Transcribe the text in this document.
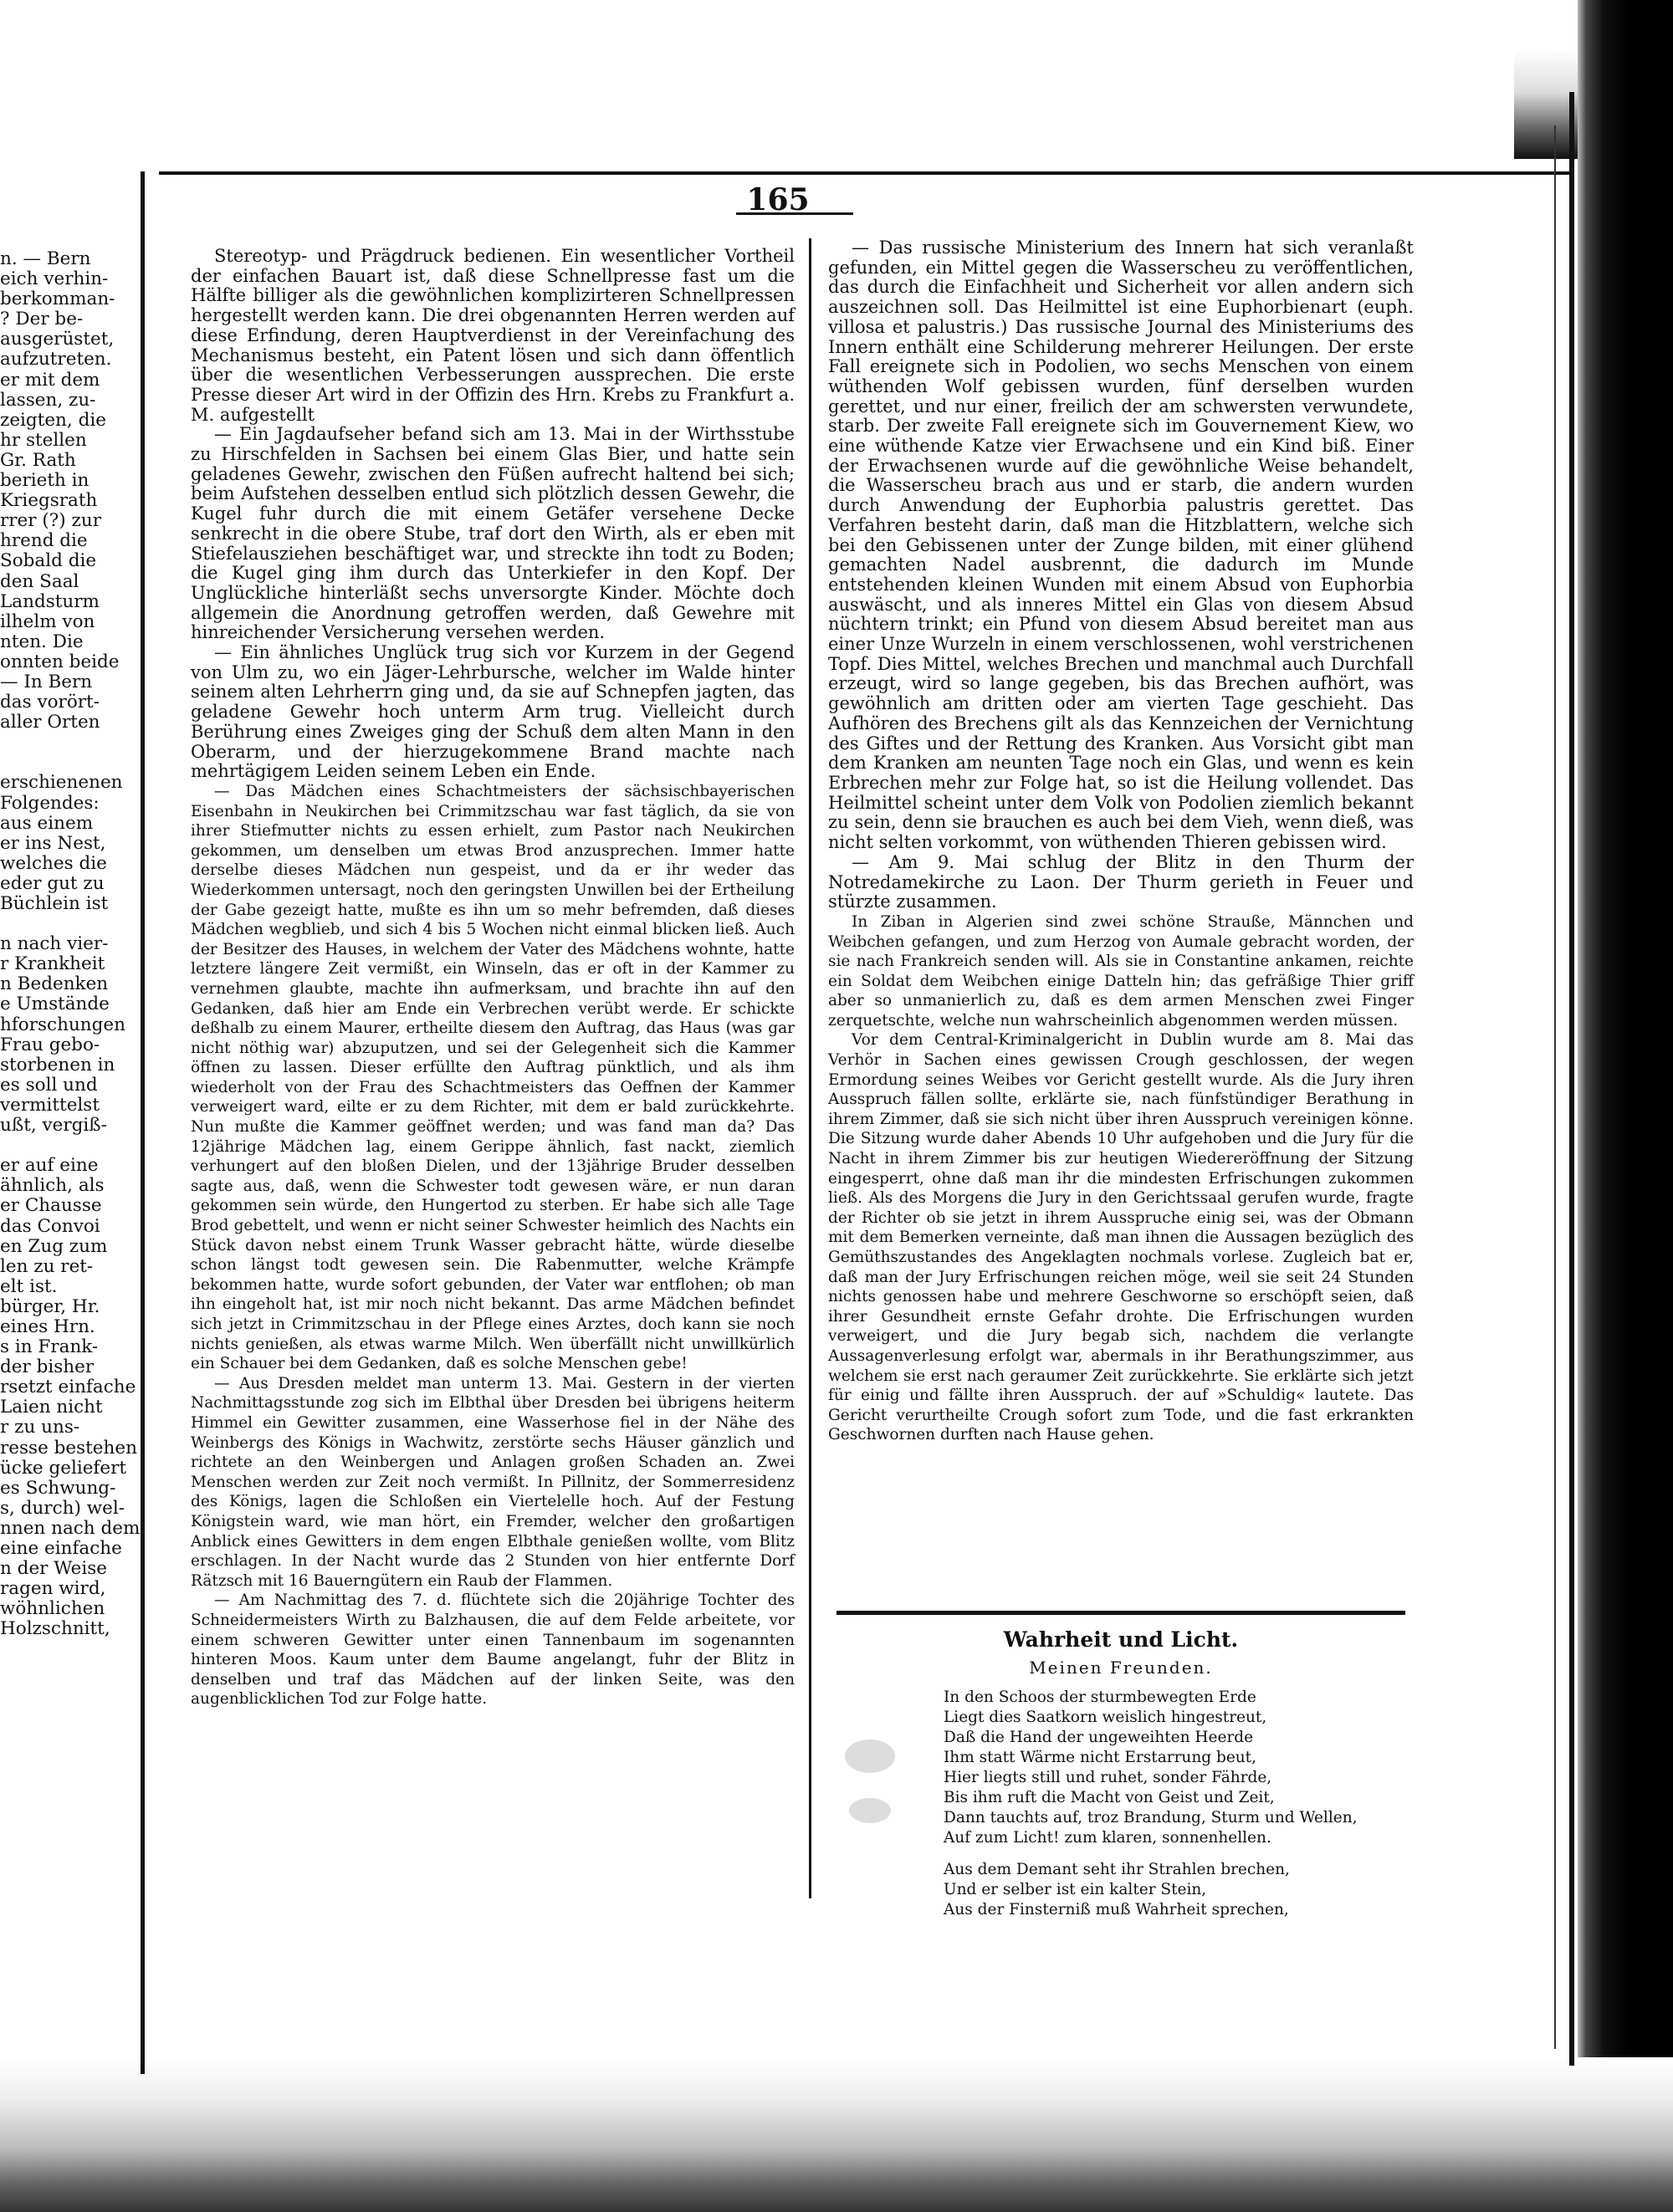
165
n. — Bern
eich verhin-
berkomman-
? Der be-
ausgerüstet,
aufzutreten.
er mit dem
lassen, zu-
zeigten, die
hr stellen
Gr. Rath
berieth in
Kriegsrath
rrer (?) zur
hrend die
Sobald die
den Saal
Landsturm
ilhelm von
nten. Die
onnten beide
— In Bern
das vorört-
aller Orten

erschienenen
Folgendes:
aus einem
er ins Nest,
welches die
eder gut zu
Büchlein ist

n nach vier-
r Krankheit
n Bedenken
e Umstände
hforschungen
Frau gebo-
storbenen in
es soll und
vermittelst
ußt, vergiß-

er auf eine
ähnlich, als
er Chausse
das Convoi
en Zug zum
len zu ret-
elt ist.
bürger, Hr.
eines Hrn.
s in Frank-
der bisher
rsetzt einfache
Laien nicht
r zu uns-
resse bestehen
ücke geliefert
es Schwung-
s, durch) wel-
nnen nach dem
eine einfache
n der Weise
ragen wird,
wöhnlichen
Holzschnitt,

Stereotyp- und Prägdruck bedienen. Ein wesentlicher Vortheil der einfachen Bauart ist, daß diese Schnellpresse fast um die Hälfte billiger als die gewöhnlichen komplizirteren Schnellpressen hergestellt werden kann. Die drei obgenannten Herren werden auf diese Erfindung, deren Hauptverdienst in der Vereinfachung des Mechanismus besteht, ein Patent lösen und sich dann öffentlich über die wesentlichen Verbesserungen aussprechen. Die erste Presse dieser Art wird in der Offizin des Hrn. Krebs zu Frankfurt a. M. aufgestellt

— Ein Jagdaufseher befand sich am 13. Mai in der Wirthsstube zu Hirschfelden in Sachsen bei einem Glas Bier, und hatte sein geladenes Gewehr, zwischen den Füßen aufrecht haltend bei sich; beim Aufstehen desselben entlud sich plötzlich dessen Gewehr, die Kugel fuhr durch die mit einem Getäfer versehene Decke senkrecht in die obere Stube, traf dort den Wirth, als er eben mit Stiefelausziehen beschäftiget war, und streckte ihn todt zu Boden; die Kugel ging ihm durch das Unterkiefer in den Kopf. Der Unglückliche hinterläßt sechs unversorgte Kinder. Möchte doch allgemein die Anordnung getroffen werden, daß Gewehre mit hinreichender Versicherung versehen werden.

— Ein ähnliches Unglück trug sich vor Kurzem in der Gegend von Ulm zu, wo ein Jäger-Lehrbursche, welcher im Walde hinter seinem alten Lehrherrn ging und, da sie auf Schnepfen jagten, das geladene Gewehr hoch unterm Arm trug. Vielleicht durch Berührung eines Zweiges ging der Schuß dem alten Mann in den Oberarm, und der hierzugekommene Brand machte nach mehrtägigem Leiden seinem Leben ein Ende.

— Das Mädchen eines Schachtmeisters der sächsischbayerischen Eisenbahn in Neukirchen bei Crimmitzschau war fast täglich, da sie von ihrer Stiefmutter nichts zu essen erhielt, zum Pastor nach Neukirchen gekommen, um denselben um etwas Brod anzusprechen. Immer hatte derselbe dieses Mädchen nun gespeist, und da er ihr weder das Wiederkommen untersagt, noch den geringsten Unwillen bei der Ertheilung der Gabe gezeigt hatte, mußte es ihn um so mehr befremden, daß dieses Mädchen wegblieb, und sich 4 bis 5 Wochen nicht einmal blicken ließ. Auch der Besitzer des Hauses, in welchem der Vater des Mädchens wohnte, hatte letztere längere Zeit vermißt, ein Winseln, das er oft in der Kammer zu vernehmen glaubte, machte ihn aufmerksam, und brachte ihn auf den Gedanken, daß hier am Ende ein Verbrechen verübt werde. Er schickte deßhalb zu einem Maurer, ertheilte diesem den Auftrag, das Haus (was gar nicht nöthig war) abzuputzen, und sei der Gelegenheit sich die Kammer öffnen zu lassen. Dieser erfüllte den Auftrag pünktlich, und als ihm wiederholt von der Frau des Schachtmeisters das Oeffnen der Kammer verweigert ward, eilte er zu dem Richter, mit dem er bald zurückkehrte. Nun mußte die Kammer geöffnet werden; und was fand man da? Das 12jährige Mädchen lag, einem Gerippe ähnlich, fast nackt, ziemlich verhungert auf den bloßen Dielen, und der 13jährige Bruder desselben sagte aus, daß, wenn die Schwester todt gewesen wäre, er nun daran gekommen sein würde, den Hungertod zu sterben. Er habe sich alle Tage Brod gebettelt, und wenn er nicht seiner Schwester heimlich des Nachts ein Stück davon nebst einem Trunk Wasser gebracht hätte, würde dieselbe schon längst todt gewesen sein. Die Rabenmutter, welche Krämpfe bekommen hatte, wurde sofort gebunden, der Vater war entflohen; ob man ihn eingeholt hat, ist mir noch nicht bekannt. Das arme Mädchen befindet sich jetzt in Crimmitzschau in der Pflege eines Arztes, doch kann sie noch nichts genießen, als etwas warme Milch. Wen überfällt nicht unwillkürlich ein Schauer bei dem Gedanken, daß es solche Menschen gebe!

— Aus Dresden meldet man unterm 13. Mai. Gestern in der vierten Nachmittagsstunde zog sich im Elbthal über Dresden bei übrigens heiterm Himmel ein Gewitter zusammen, eine Wasserhose fiel in der Nähe des Weinbergs des Königs in Wachwitz, zerstörte sechs Häuser gänzlich und richtete an den Weinbergen und Anlagen großen Schaden an. Zwei Menschen werden zur Zeit noch vermißt. In Pillnitz, der Sommerresidenz des Königs, lagen die Schloßen ein Viertelelle hoch. Auf der Festung Königstein ward, wie man hört, ein Fremder, welcher den großartigen Anblick eines Gewitters in dem engen Elbthale genießen wollte, vom Blitz erschlagen. In der Nacht wurde das 2 Stunden von hier entfernte Dorf Rätzsch mit 16 Bauerngütern ein Raub der Flammen.

— Am Nachmittag des 7. d. flüchtete sich die 20jährige Tochter des Schneidermeisters Wirth zu Balzhausen, die auf dem Felde arbeitete, vor einem schweren Gewitter unter einen Tannenbaum im sogenannten hinteren Moos. Kaum unter dem Baume angelangt, fuhr der Blitz in denselben und traf das Mädchen auf der linken Seite, was den augenblicklichen Tod zur Folge hatte.

— Das russische Ministerium des Innern hat sich veranlaßt gefunden, ein Mittel gegen die Wasserscheu zu veröffentlichen, das durch die Einfachheit und Sicherheit vor allen andern sich auszeichnen soll. Das Heilmittel ist eine Euphorbienart (euph. villosa et palustris.) Das russische Journal des Ministeriums des Innern enthält eine Schilderung mehrerer Heilungen. Der erste Fall ereignete sich in Podolien, wo sechs Menschen von einem wüthenden Wolf gebissen wurden, fünf derselben wurden gerettet, und nur einer, freilich der am schwersten verwundete, starb. Der zweite Fall ereignete sich im Gouvernement Kiew, wo eine wüthende Katze vier Erwachsene und ein Kind biß. Einer der Erwachsenen wurde auf die gewöhnliche Weise behandelt, die Wasserscheu brach aus und er starb, die andern wurden durch Anwendung der Euphorbia palustris gerettet. Das Verfahren besteht darin, daß man die Hitzblattern, welche sich bei den Gebissenen unter der Zunge bilden, mit einer glühend gemachten Nadel ausbrennt, die dadurch im Munde entstehenden kleinen Wunden mit einem Absud von Euphorbia auswäscht, und als inneres Mittel ein Glas von diesem Absud nüchtern trinkt; ein Pfund von diesem Absud bereitet man aus einer Unze Wurzeln in einem verschlossenen, wohl verstrichenen Topf. Dies Mittel, welches Brechen und manchmal auch Durchfall erzeugt, wird so lange gegeben, bis das Brechen aufhört, was gewöhnlich am dritten oder am vierten Tage geschieht. Das Aufhören des Brechens gilt als das Kennzeichen der Vernichtung des Giftes und der Rettung des Kranken. Aus Vorsicht gibt man dem Kranken am neunten Tage noch ein Glas, und wenn es kein Erbrechen mehr zur Folge hat, so ist die Heilung vollendet. Das Heilmittel scheint unter dem Volk von Podolien ziemlich bekannt zu sein, denn sie brauchen es auch bei dem Vieh, wenn dieß, was nicht selten vorkommt, von wüthenden Thieren gebissen wird.

— Am 9. Mai schlug der Blitz in den Thurm der Notredamekirche zu Laon. Der Thurm gerieth in Feuer und stürzte zusammen.

In Ziban in Algerien sind zwei schöne Strauße, Männchen und Weibchen gefangen, und zum Herzog von Aumale gebracht worden, der sie nach Frankreich senden will. Als sie in Constantine ankamen, reichte ein Soldat dem Weibchen einige Datteln hin; das gefräßige Thier griff aber so unmanierlich zu, daß es dem armen Menschen zwei Finger zerquetschte, welche nun wahrscheinlich abgenommen werden müssen.

Vor dem Central-Kriminalgericht in Dublin wurde am 8. Mai das Verhör in Sachen eines gewissen Crough geschlossen, der wegen Ermordung seines Weibes vor Gericht gestellt wurde. Als die Jury ihren Ausspruch fällen sollte, erklärte sie, nach fünfstündiger Berathung in ihrem Zimmer, daß sie sich nicht über ihren Ausspruch vereinigen könne. Die Sitzung wurde daher Abends 10 Uhr aufgehoben und die Jury für die Nacht in ihrem Zimmer bis zur heutigen Wiedereröffnung der Sitzung eingesperrt, ohne daß man ihr die mindesten Erfrischungen zukommen ließ. Als des Morgens die Jury in den Gerichtssaal gerufen wurde, fragte der Richter ob sie jetzt in ihrem Ausspruche einig sei, was der Obmann mit dem Bemerken verneinte, daß man ihnen die Aussagen bezüglich des Gemüthszustandes des Angeklagten nochmals vorlese. Zugleich bat er, daß man der Jury Erfrischungen reichen möge, weil sie seit 24 Stunden nichts genossen habe und mehrere Geschworne so erschöpft seien, daß ihrer Gesundheit ernste Gefahr drohte. Die Erfrischungen wurden verweigert, und die Jury begab sich, nachdem die verlangte Aussagenverlesung erfolgt war, abermals in ihr Berathungszimmer, aus welchem sie erst nach geraumer Zeit zurückkehrte. Sie erklärte sich jetzt für einig und fällte ihren Ausspruch. der auf »Schuldig« lautete. Das Gericht verurtheilte Crough sofort zum Tode, und die fast erkrankten Geschwornen durften nach Hause gehen.

Wahrheit und Licht.
Meinen Freunden.
In den Schoos der sturmbewegten Erde
Liegt dies Saatkorn weislich hingestreut,
Daß die Hand der ungeweihten Heerde
Ihm statt Wärme nicht Erstarrung beut,
Hier liegts still und ruhet, sonder Fährde,
Bis ihm ruft die Macht von Geist und Zeit,
Dann tauchts auf, troz Brandung, Sturm und Wellen,
Auf zum Licht! zum klaren, sonnenhellen.
Aus dem Demant seht ihr Strahlen brechen,
Und er selber ist ein kalter Stein,
Aus der Finsterniß muß Wahrheit sprechen,
